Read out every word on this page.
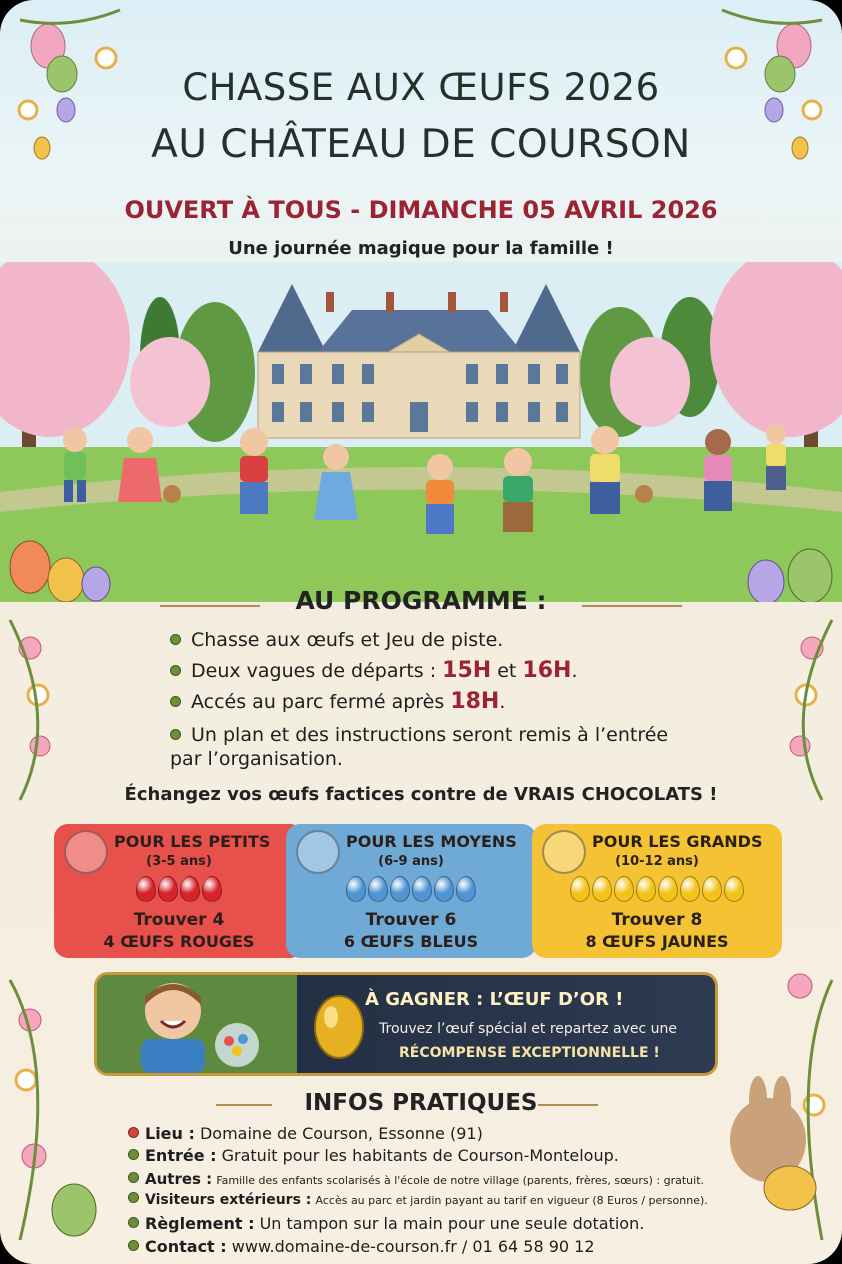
CHASSE AUX ŒUFS 2026
AU CHÂTEAU DE COURSON
OUVERT À TOUS - DIMANCHE 05 AVRIL 2026
Une journée magique pour la famille !
AU PROGRAMME :
Chasse aux œufs et Jeu de piste.
Deux vagues de départs : 15H et 16H.
Accés au parc fermé après 18H.
Un plan et des instructions seront remis à l’entrée
par l’organisation.
Échangez vos œufs factices contre de VRAIS CHOCOLATS !
POUR LES PETITS
(3-5 ans)
Trouver 4
4 ŒUFS ROUGES
POUR LES MOYENS
(6-9 ans)
Trouver 6
6 ŒUFS BLEUS
POUR LES GRANDS
(10-12 ans)
Trouver 8
8 ŒUFS JAUNES
À GAGNER : L’ŒUF D’OR !
Trouvez l’œuf spécial et repartez avec une
RÉCOMPENSE EXCEPTIONNELLE !
INFOS PRATIQUES
Lieu : Domaine de Courson, Essonne (91)
Entrée : Gratuit pour les habitants de Courson-Monteloup.
Autres : Famille des enfants scolarisés à l'école de notre village (parents, frères, sœurs) : gratuit.
Visiteurs extérieurs : Accès au parc et jardin payant au tarif en vigueur (8 Euros / personne).
Règlement : Un tampon sur la main pour une seule dotation.
Contact : www.domaine-de-courson.fr / 01 64 58 90 12
